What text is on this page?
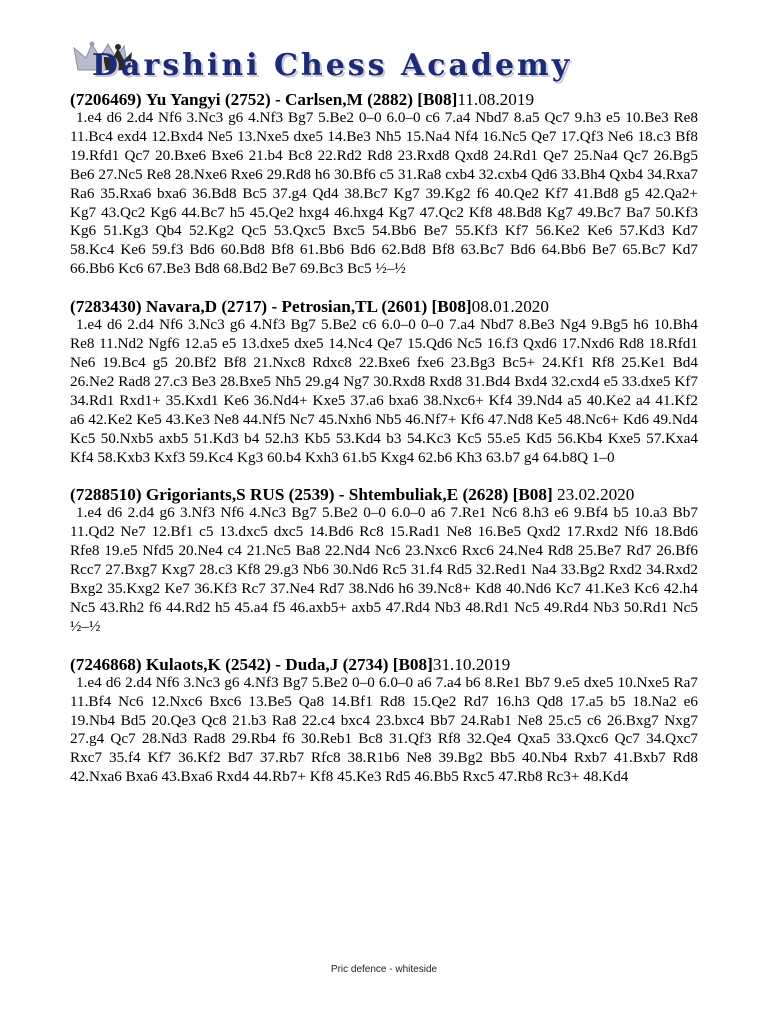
Darshini Chess Academy
(7206469) Yu Yangyi (2752) - Carlsen,M (2882) [B08]11.08.2019

1.e4 d6 2.d4 Nf6 3.Nc3 g6 4.Nf3 Bg7 5.Be2 0–0 6.0–0 c6 7.a4 Nbd7 8.a5 Qc7 9.h3 e5 10.Be3 Re8 11.Bc4 exd4 12.Bxd4 Ne5 13.Nxe5 dxe5 14.Be3 Nh5 15.Na4 Nf4 16.Nc5 Qe7 17.Qf3 Ne6 18.c3 Bf8 19.Rfd1 Qc7 20.Bxe6 Bxe6 21.b4 Bc8 22.Rd2 Rd8 23.Rxd8 Qxd8 24.Rd1 Qe7 25.Na4 Qc7 26.Bg5 Be6 27.Nc5 Re8 28.Nxe6 Rxe6 29.Rd8 h6 30.Bf6 c5 31.Ra8 cxb4 32.cxb4 Qd6 33.Bh4 Qxb4 34.Rxa7 Ra6 35.Rxa6 bxa6 36.Bd8 Bc5 37.g4 Qd4 38.Bc7 Kg7 39.Kg2 f6 40.Qe2 Kf7 41.Bd8 g5 42.Qa2+ Kg7 43.Qc2 Kg6 44.Bc7 h5 45.Qe2 hxg4 46.hxg4 Kg7 47.Qc2 Kf8 48.Bd8 Kg7 49.Bc7 Ba7 50.Kf3 Kg6 51.Kg3 Qb4 52.Kg2 Qc5 53.Qxc5 Bxc5 54.Bb6 Be7 55.Kf3 Kf7 56.Ke2 Ke6 57.Kd3 Kd7 58.Kc4 Ke6 59.f3 Bd6 60.Bd8 Bf8 61.Bb6 Bd6 62.Bd8 Bf8 63.Bc7 Bd6 64.Bb6 Be7 65.Bc7 Kd7 66.Bb6 Kc6 67.Be3 Bd8 68.Bd2 Be7 69.Bc3 Bc5 ½–½

(7283430) Navara,D (2717) - Petrosian,TL (2601) [B08]08.01.2020

1.e4 d6 2.d4 Nf6 3.Nc3 g6 4.Nf3 Bg7 5.Be2 c6 6.0–0 0–0 7.a4 Nbd7 8.Be3 Ng4 9.Bg5 h6 10.Bh4 Re8 11.Nd2 Ngf6 12.a5 e5 13.dxe5 dxe5 14.Nc4 Qe7 15.Qd6 Nc5 16.f3 Qxd6 17.Nxd6 Rd8 18.Rfd1 Ne6 19.Bc4 g5 20.Bf2 Bf8 21.Nxc8 Rdxc8 22.Bxe6 fxe6 23.Bg3 Bc5+ 24.Kf1 Rf8 25.Ke1 Bd4 26.Ne2 Rad8 27.c3 Be3 28.Bxe5 Nh5 29.g4 Ng7 30.Rxd8 Rxd8 31.Bd4 Bxd4 32.cxd4 e5 33.dxe5 Kf7 34.Rd1 Rxd1+ 35.Kxd1 Ke6 36.Nd4+ Kxe5 37.a6 bxa6 38.Nxc6+ Kf4 39.Nd4 a5 40.Ke2 a4 41.Kf2 a6 42.Ke2 Ke5 43.Ke3 Ne8 44.Nf5 Nc7 45.Nxh6 Nb5 46.Nf7+ Kf6 47.Nd8 Ke5 48.Nc6+ Kd6 49.Nd4 Kc5 50.Nxb5 axb5 51.Kd3 b4 52.h3 Kb5 53.Kd4 b3 54.Kc3 Kc5 55.e5 Kd5 56.Kb4 Kxe5 57.Kxa4 Kf4 58.Kxb3 Kxf3 59.Kc4 Kg3 60.b4 Kxh3 61.b5 Kxg4 62.b6 Kh3 63.b7 g4 64.b8Q 1–0

(7288510) Grigoriants,S RUS (2539) - Shtembuliak,E (2628) [B08] 23.02.2020

1.e4 d6 2.d4 g6 3.Nf3 Nf6 4.Nc3 Bg7 5.Be2 0–0 6.0–0 a6 7.Re1 Nc6 8.h3 e6 9.Bf4 b5 10.a3 Bb7 11.Qd2 Ne7 12.Bf1 c5 13.dxc5 dxc5 14.Bd6 Rc8 15.Rad1 Ne8 16.Be5 Qxd2 17.Rxd2 Nf6 18.Bd6 Rfe8 19.e5 Nfd5 20.Ne4 c4 21.Nc5 Ba8 22.Nd4 Nc6 23.Nxc6 Rxc6 24.Ne4 Rd8 25.Be7 Rd7 26.Bf6 Rcc7 27.Bxg7 Kxg7 28.c3 Kf8 29.g3 Nb6 30.Nd6 Rc5 31.f4 Rd5 32.Red1 Na4 33.Bg2 Rxd2 34.Rxd2 Bxg2 35.Kxg2 Ke7 36.Kf3 Rc7 37.Ne4 Rd7 38.Nd6 h6 39.Nc8+ Kd8 40.Nd6 Kc7 41.Ke3 Kc6 42.h4 Nc5 43.Rh2 f6 44.Rd2 h5 45.a4 f5 46.axb5+ axb5 47.Rd4 Nb3 48.Rd1 Nc5 49.Rd4 Nb3 50.Rd1 Nc5 ½–½

(7246868) Kulaots,K (2542) - Duda,J (2734) [B08]31.10.2019

1.e4 d6 2.d4 Nf6 3.Nc3 g6 4.Nf3 Bg7 5.Be2 0–0 6.0–0 a6 7.a4 b6 8.Re1 Bb7 9.e5 dxe5 10.Nxe5 Ra7 11.Bf4 Nc6 12.Nxc6 Bxc6 13.Be5 Qa8 14.Bf1 Rd8 15.Qe2 Rd7 16.h3 Qd8 17.a5 b5 18.Na2 e6 19.Nb4 Bd5 20.Qe3 Qc8 21.b3 Ra8 22.c4 bxc4 23.bxc4 Bb7 24.Rab1 Ne8 25.c5 c6 26.Bxg7 Nxg7 27.g4 Qc7 28.Nd3 Rad8 29.Rb4 f6 30.Reb1 Bc8 31.Qf3 Rf8 32.Qe4 Qxa5 33.Qxc6 Qc7 34.Qxc7 Rxc7 35.f4 Kf7 36.Kf2 Bd7 37.Rb7 Rfc8 38.R1b6 Ne8 39.Bg2 Bb5 40.Nb4 Rxb7 41.Bxb7 Rd8 42.Nxa6 Bxa6 43.Bxa6 Rxd4 44.Rb7+ Kf8 45.Ke3 Rd5 46.Bb5 Rxc5 47.Rb8 Rc3+ 48.Kd4

Pric defence - whiteside
